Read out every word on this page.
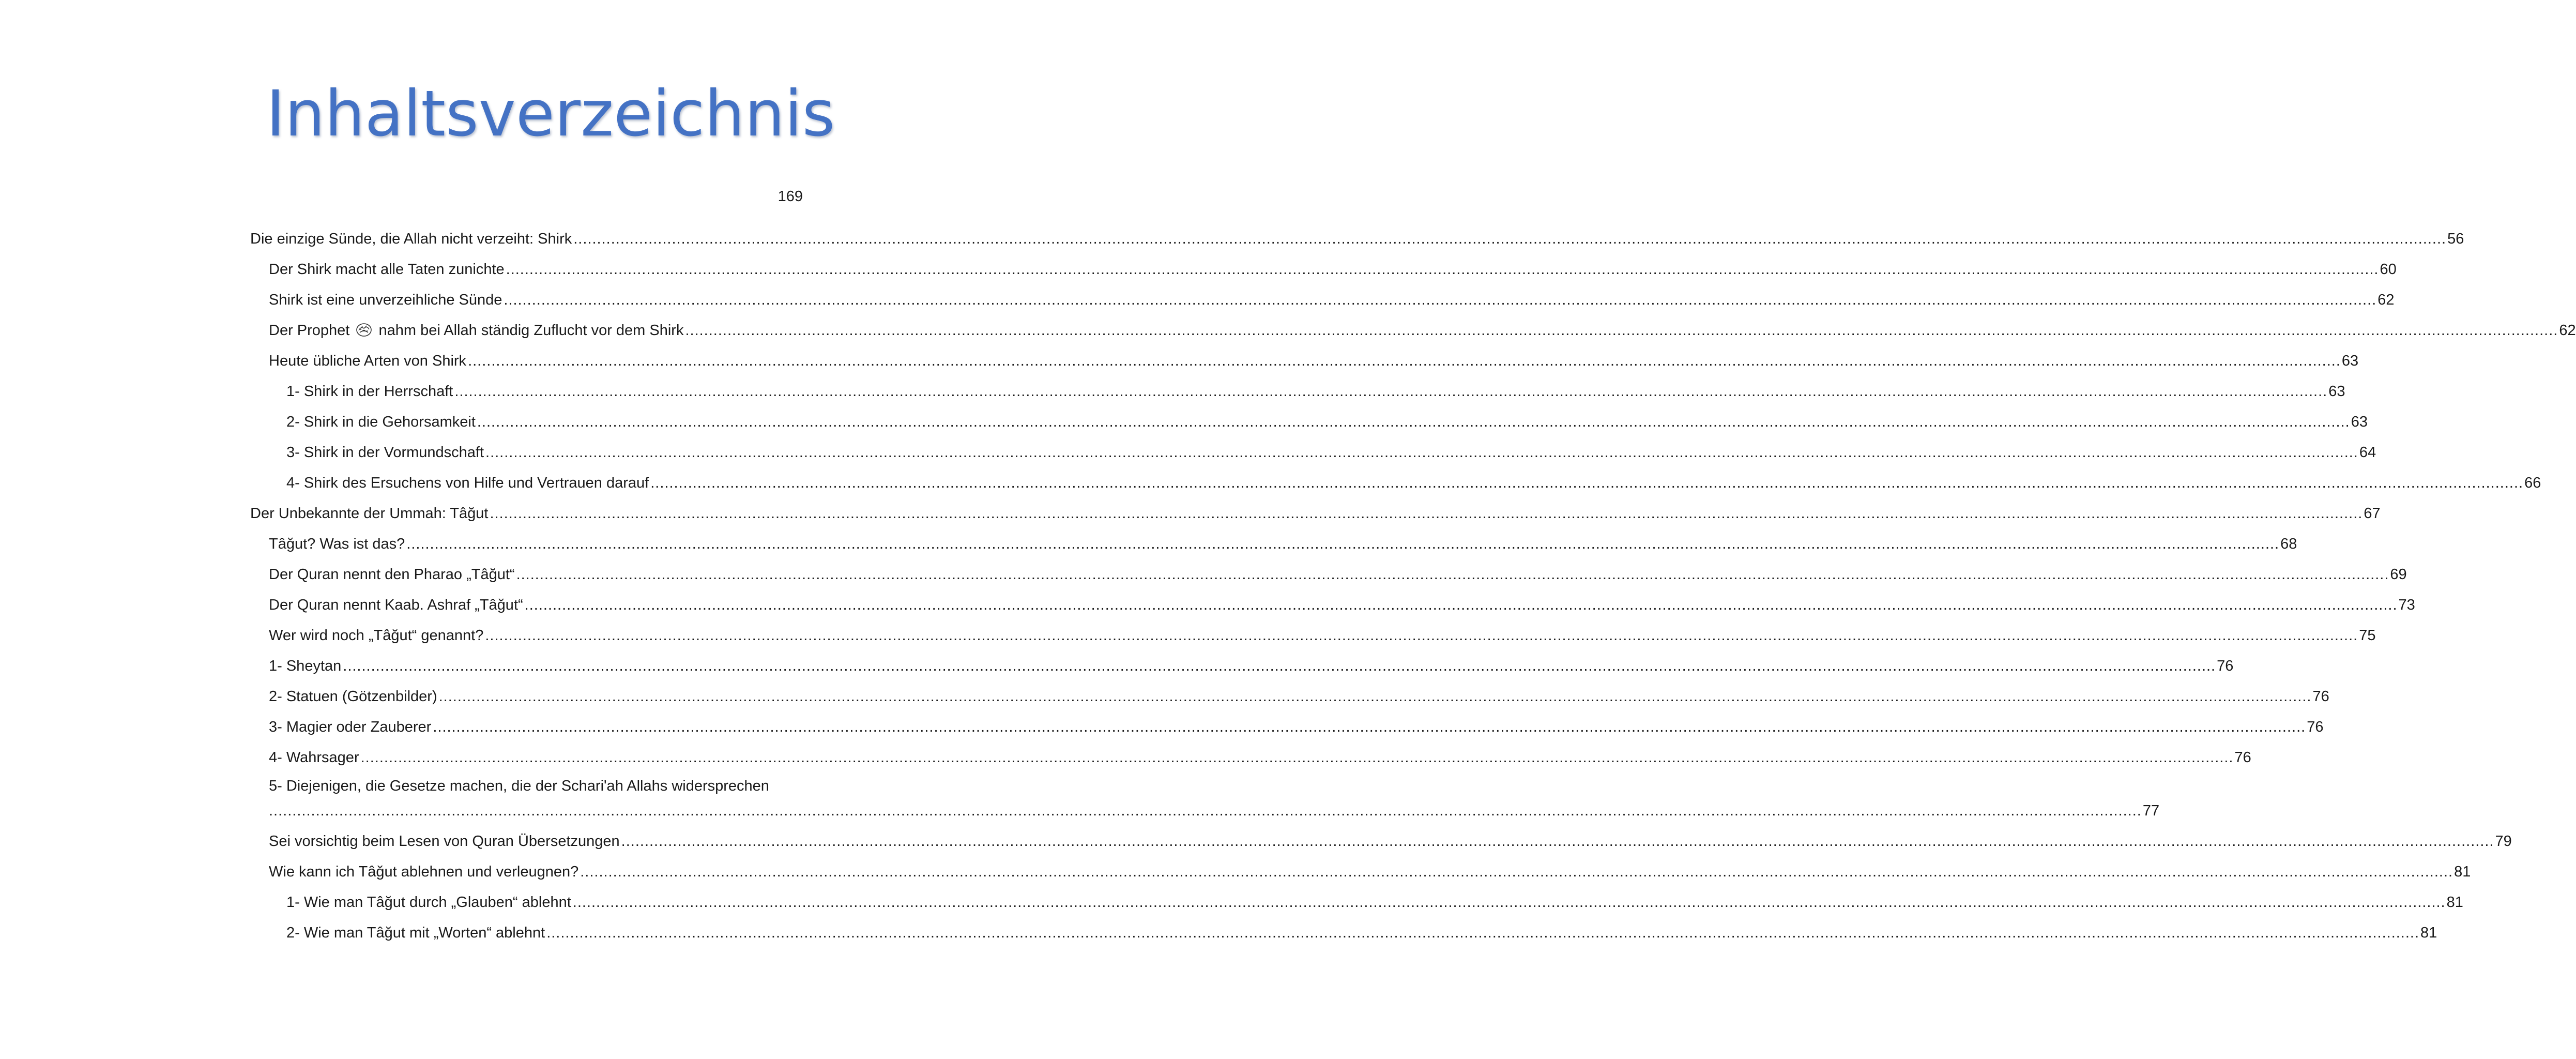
Inhaltsverzeichnis
169
Die einzige Sünde, die Allah nicht verzeiht: Shirk ................................................................................................................................................................................................................................................................................................................................................................................................................ 56
Der Shirk macht alle Taten zunichte ................................................................................................................................................................................................................................................................................................................................................................................................................ 60
Shirk ist eine unverzeihliche Sünde ................................................................................................................................................................................................................................................................................................................................................................................................................ 62
Der Prophet nahm bei Allah ständig Zuflucht vor dem Shirk ................................................................................................................................................................................................................................................................................................................................................................................................................ 62
Heute übliche Arten von Shirk ................................................................................................................................................................................................................................................................................................................................................................................................................ 63
1- Shirk in der Herrschaft ................................................................................................................................................................................................................................................................................................................................................................................................................ 63
2- Shirk in die Gehorsamkeit ................................................................................................................................................................................................................................................................................................................................................................................................................ 63
3- Shirk in der Vormundschaft ................................................................................................................................................................................................................................................................................................................................................................................................................ 64
4- Shirk des Ersuchens von Hilfe und Vertrauen darauf ................................................................................................................................................................................................................................................................................................................................................................................................................ 66
Der Unbekannte der Ummah: Tâğut ................................................................................................................................................................................................................................................................................................................................................................................................................ 67
Tâğut? Was ist das? ................................................................................................................................................................................................................................................................................................................................................................................................................ 68
Der Quran nennt den Pharao „Tâğut“ ................................................................................................................................................................................................................................................................................................................................................................................................................ 69
Der Quran nennt Kaab. Ashraf „Tâğut“ ................................................................................................................................................................................................................................................................................................................................................................................................................ 73
Wer wird noch „Tâğut“ genannt? ................................................................................................................................................................................................................................................................................................................................................................................................................ 75
1- Sheytan ................................................................................................................................................................................................................................................................................................................................................................................................................ 76
2- Statuen (Götzenbilder) ................................................................................................................................................................................................................................................................................................................................................................................................................ 76
3- Magier oder Zauberer ................................................................................................................................................................................................................................................................................................................................................................................................................ 76
4- Wahrsager ................................................................................................................................................................................................................................................................................................................................................................................................................ 76
5- Diejenigen, die Gesetze machen, die der Schari'ah Allahs widersprechen
................................................................................................................................................................................................................................................................................................................................................................................................................ 77
Sei vorsichtig beim Lesen von Quran Übersetzungen ................................................................................................................................................................................................................................................................................................................................................................................................................ 79
Wie kann ich Tâğut ablehnen und verleugnen? ................................................................................................................................................................................................................................................................................................................................................................................................................ 81
1- Wie man Tâğut durch „Glauben“ ablehnt ................................................................................................................................................................................................................................................................................................................................................................................................................ 81
2- Wie man Tâğut mit „Worten“ ablehnt ................................................................................................................................................................................................................................................................................................................................................................................................................ 81
